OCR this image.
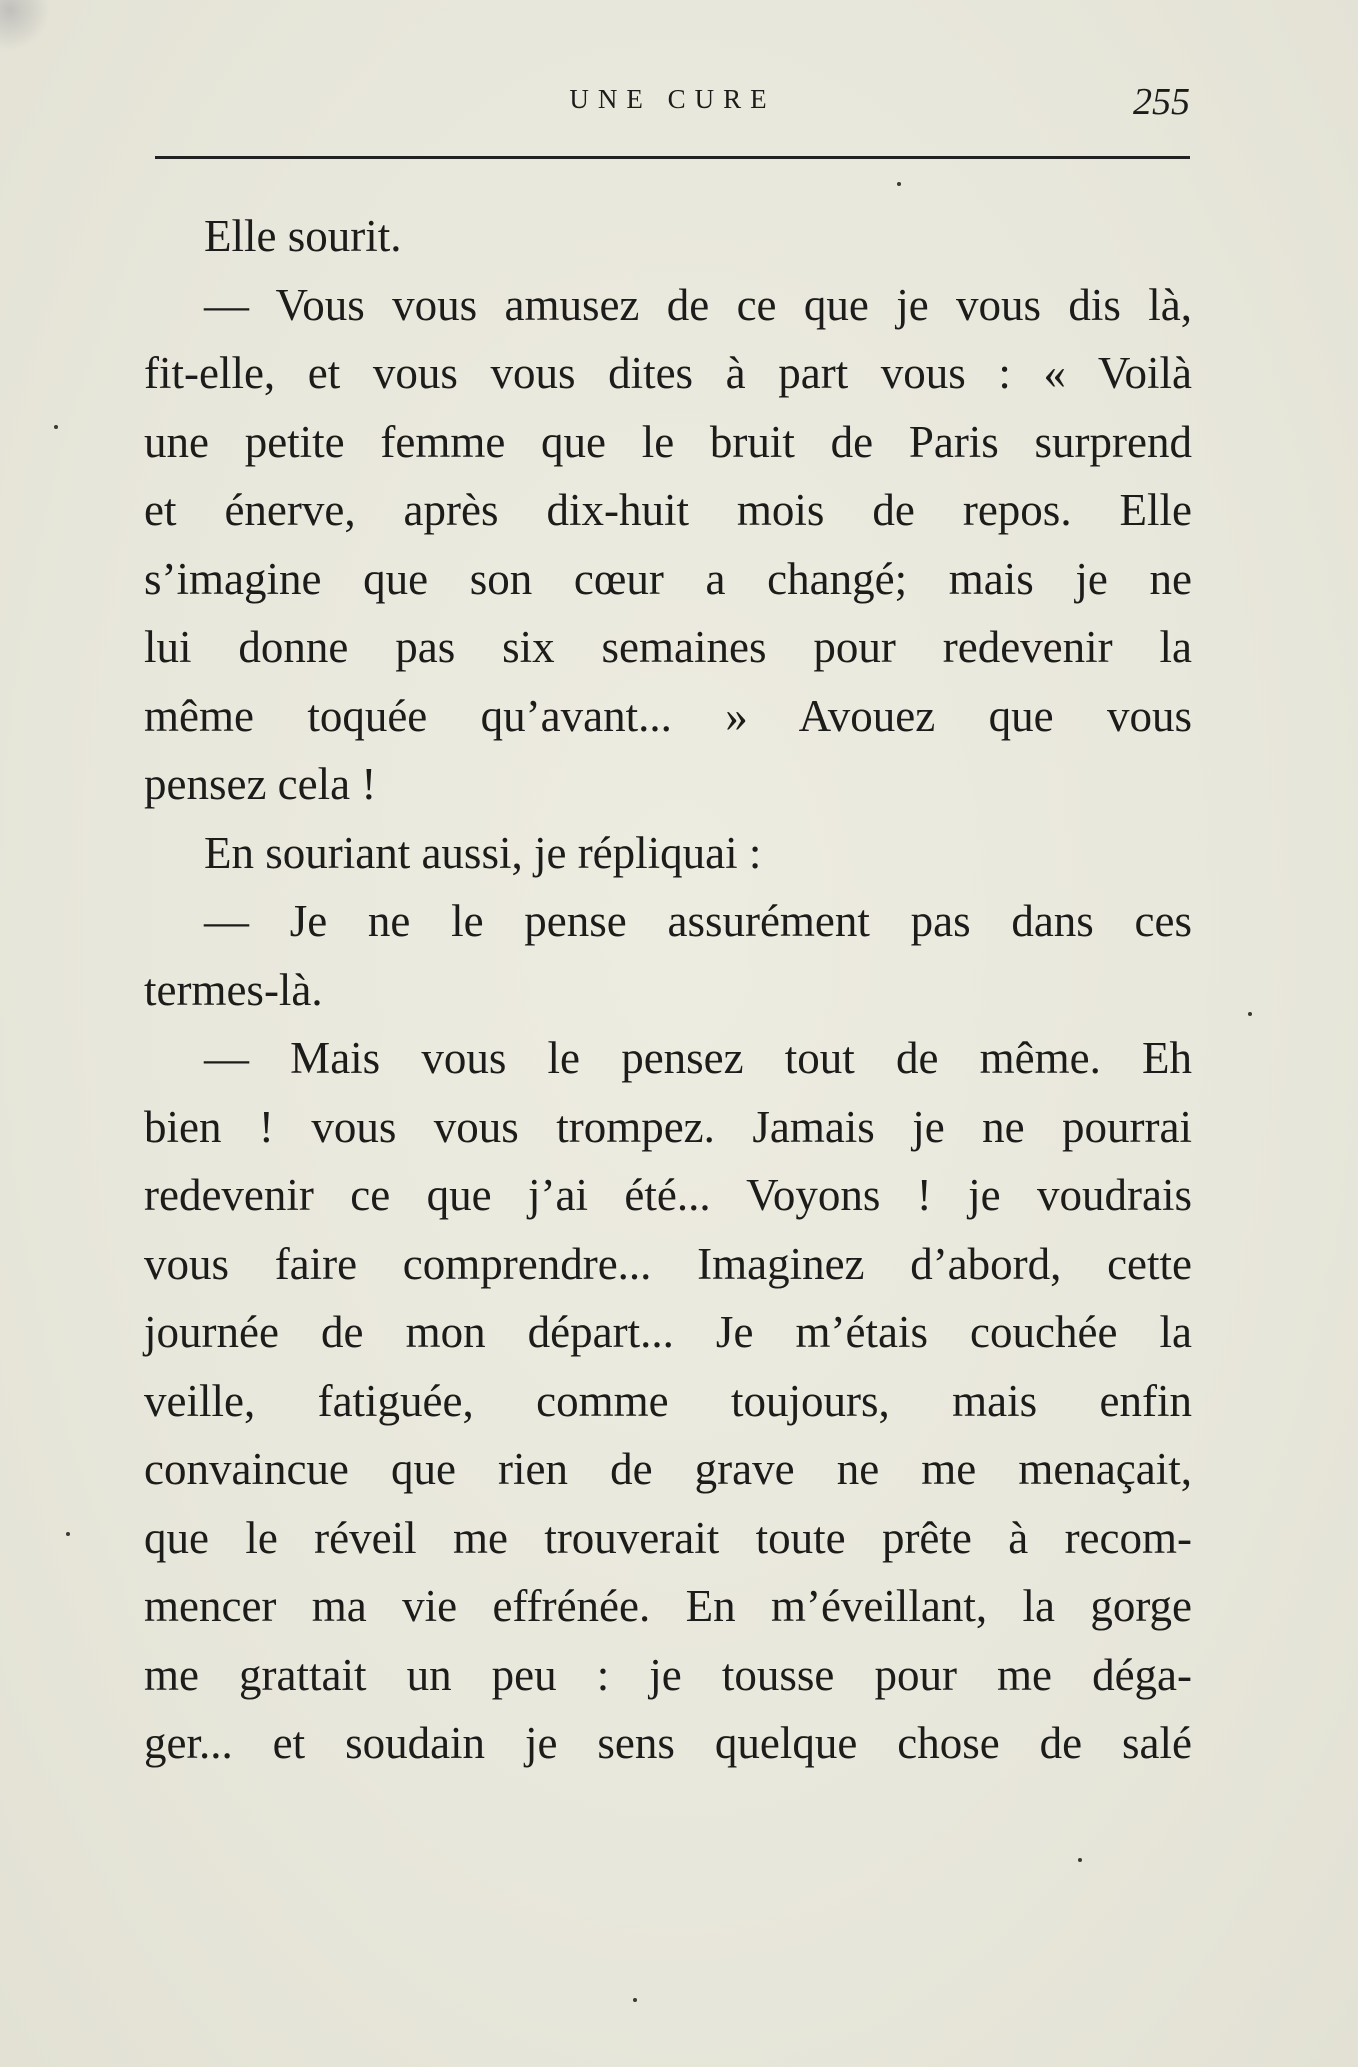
UNE CURE	255
Elle sourit.
— Vous vous amusez de ce que je vous dis là,
fit-elle, et vous vous dites à part vous : « Voilà
une petite femme que le bruit de Paris surprend
et énerve, après dix-huit mois de repos. Elle
s’imagine que son cœur a changé; mais je ne
lui donne pas six semaines pour redevenir la
même toquée qu’avant... » Avouez que vous
pensez cela !
En souriant aussi, je répliquai :
— Je ne le pense assurément pas dans ces
termes-là.
— Mais vous le pensez tout de même. Eh
bien ! vous vous trompez. Jamais je ne pourrai
redevenir ce que j’ai été... Voyons ! je voudrais
vous faire comprendre... Imaginez d’abord, cette
journée de mon départ... Je m’étais couchée la
veille, fatiguée, comme toujours, mais enfin
convaincue que rien de grave ne me menaçait,
que le réveil me trouverait toute prête à recom-
mencer ma vie effrénée. En m’éveillant, la gorge
me grattait un peu : je tousse pour me déga-
ger... et soudain je sens quelque chose de salé
